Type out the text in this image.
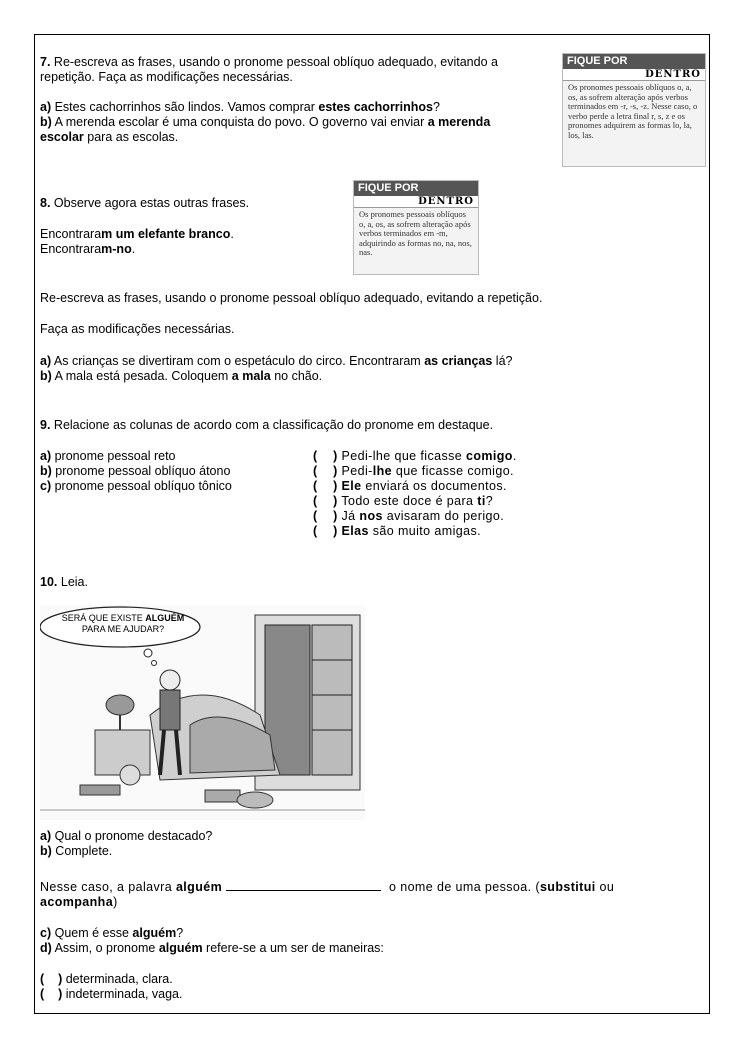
7. Re-escreva as frases, usando o pronome pessoal oblíquo adequado, evitando a
repetição. Faça as modificações necessárias.
a) Estes cachorrinhos são lindos. Vamos comprar estes cachorrinhos?
b) A merenda escolar é uma conquista do povo. O governo vai enviar a merenda
escolar para as escolas.
FIQUE POR
DENTRO
Os pronomes pessoais oblíquos o, a, os, as sofrem alteração após verbos terminados em -r, -s, -z. Nesse caso, o verbo perde a letra final r, s, z e os pronomes adquirem as formas lo, la, los, las.
8. Observe agora estas outras frases.
Encontraram um elefante branco.
Encontraram-no.
FIQUE POR
DENTRO
Os pronomes pessoais oblíquos o, a, os, as sofrem alteração após verbos terminados em -m, adquirindo as formas no, na, nos, nas.
Re-escreva as frases, usando o pronome pessoal oblíquo adequado, evitando a repetição.
Faça as modificações necessárias.
a) As crianças se divertiram com o espetáculo do circo. Encontraram as crianças lá?
b) A mala está pesada. Coloquem a mala no chão.
9. Relacione as colunas de acordo com a classificação do pronome em destaque.
a) pronome pessoal reto
b) pronome pessoal oblíquo átono
c) pronome pessoal oblíquo tônico
( ) Pedi-lhe que ficasse comigo.
( ) Pedi-lhe que ficasse comigo.
( ) Ele enviará os documentos.
( ) Todo este doce é para ti?
( ) Já nos avisaram do perigo.
( ) Elas são muito amigas.
10. Leia.
SERÁ QUE EXISTE ALGUÉM
PARA ME AJUDAR?
a) Qual o pronome destacado?
b) Complete.
Nesse caso, a palavra alguém	o nome de uma pessoa. (substitui ou
acompanha)
c) Quem é esse alguém?
d) Assim, o pronome alguém refere-se a um ser de maneiras:
( ) determinada, clara.
( ) indeterminada, vaga.
